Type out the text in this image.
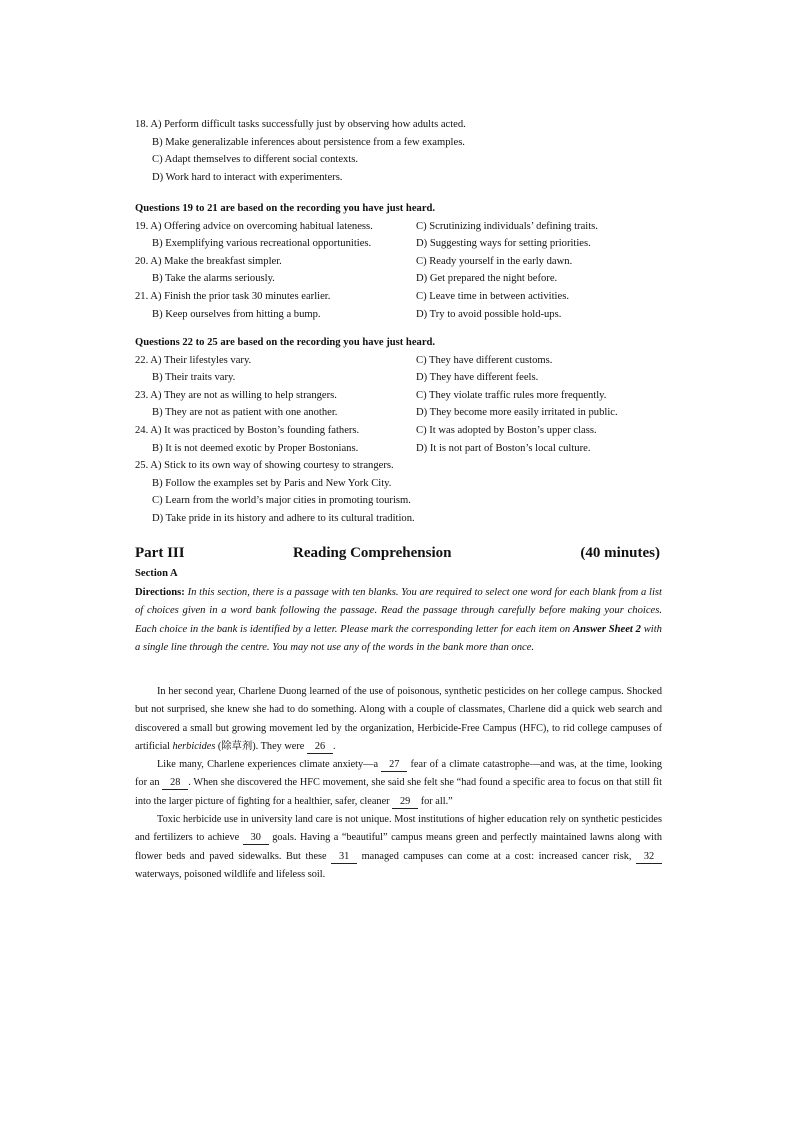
18. A) Perform difficult tasks successfully just by observing how adults acted.
B) Make generalizable inferences about persistence from a few examples.
C) Adapt themselves to different social contexts.
D) Work hard to interact with experimenters.
Questions 19 to 21 are based on the recording you have just heard.
19. A) Offering advice on overcoming habitual lateness.	C) Scrutinizing individuals’ defining traits.
B) Exemplifying various recreational opportunities.	D) Suggesting ways for setting priorities.
20. A) Make the breakfast simpler.	C) Ready yourself in the early dawn.
B) Take the alarms seriously.	D) Get prepared the night before.
21. A) Finish the prior task 30 minutes earlier.	C) Leave time in between activities.
B) Keep ourselves from hitting a bump.	D) Try to avoid possible hold-ups.
Questions 22 to 25 are based on the recording you have just heard.
22. A) Their lifestyles vary.	C) They have different customs.
B) Their traits vary.	D) They have different feels.
23. A) They are not as willing to help strangers.	C) They violate traffic rules more frequently.
B) They are not as patient with one another.	D) They become more easily irritated in public.
24. A) It was practiced by Boston’s founding fathers.	C) It was adopted by Boston’s upper class.
B) It is not deemed exotic by Proper Bostonians.	D) It is not part of Boston’s local culture.
25. A) Stick to its own way of showing courtesy to strangers.
B) Follow the examples set by Paris and New York City.
C) Learn from the world’s major cities in promoting tourism.
D) Take pride in its history and adhere to its cultural tradition.
Part III	Reading Comprehension	(40 minutes)
Section A
Directions: In this section, there is a passage with ten blanks. You are required to select one word for each blank from a list of choices given in a word bank following the passage. Read the passage through carefully before making your choices. Each choice in the bank is identified by a letter. Please mark the corresponding letter for each item on Answer Sheet 2 with a single line through the centre. You may not use any of the words in the bank more than once.

In her second year, Charlene Duong learned of the use of poisonous, synthetic pesticides on her college campus. Shocked but not surprised, she knew she had to do something. Along with a couple of classmates, Charlene did a quick web search and discovered a small but growing movement led by the organization, Herbicide-Free Campus (HFC), to rid college campuses of artificial herbicides (除草剂). They were 26 .

Like many, Charlene experiences climate anxiety—a 27 fear of a climate catastrophe—and was, at the time, looking for an 28 . When she discovered the HFC movement, she said she felt she “had found a specific area to focus on that still fit into the larger picture of fighting for a healthier, safer, cleaner 29 for all.”

Toxic herbicide use in university land care is not unique. Most institutions of higher education rely on synthetic pesticides and fertilizers to achieve 30 goals. Having a “beautiful” campus means green and perfectly maintained lawns along with flower beds and paved sidewalks. But these 31 managed campuses can come at a cost: increased cancer risk, 32 waterways, poisoned wildlife and lifeless soil.
